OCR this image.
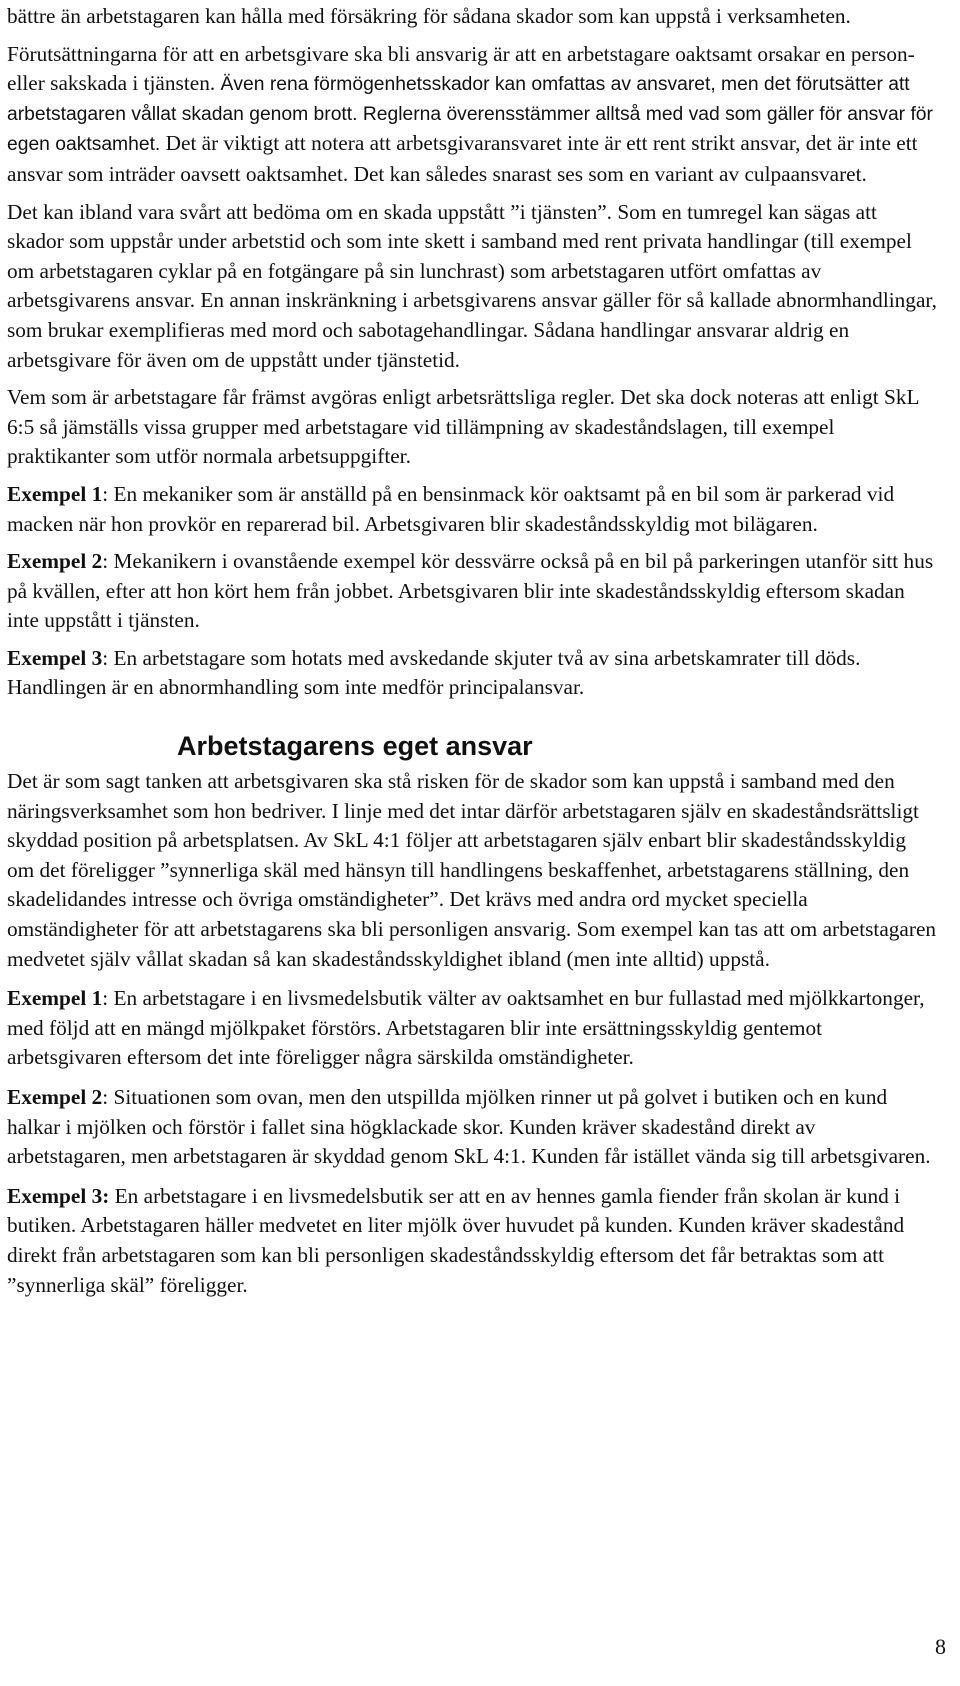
bättre än arbetstagaren kan hålla med försäkring för sådana skador som kan uppstå i verksamheten.

Förutsättningarna för att en arbetsgivare ska bli ansvarig är att en arbetstagare oaktsamt orsakar en person- eller sakskada i tjänsten. Även rena förmögenhetsskador kan omfattas av ansvaret, men det förutsätter att arbetstagaren vållat skadan genom brott. Reglerna överensstämmer alltså med vad som gäller för ansvar för egen oaktsamhet. Det är viktigt att notera att arbetsgivaransvaret inte är ett rent strikt ansvar, det är inte ett ansvar som inträder oavsett oaktsamhet. Det kan således snarast ses som en variant av culpaansvaret.

Det kan ibland vara svårt att bedöma om en skada uppstått ”i tjänsten”. Som en tumregel kan sägas att skador som uppstår under arbetstid och som inte skett i samband med rent privata handlingar (till exempel om arbetstagaren cyklar på en fotgängare på sin lunchrast) som arbetstagaren utfört omfattas av arbetsgivarens ansvar. En annan inskränkning i arbetsgivarens ansvar gäller för så kallade abnormhandlingar, som brukar exemplifieras med mord och sabotagehandlingar. Sådana handlingar ansvarar aldrig en arbetsgivare för även om de uppstått under tjänstetid.

Vem som är arbetstagare får främst avgöras enligt arbetsrättsliga regler. Det ska dock noteras att enligt SkL 6:5 så jämställs vissa grupper med arbetstagare vid tillämpning av skadeståndslagen, till exempel praktikanter som utför normala arbetsuppgifter.

Exempel 1: En mekaniker som är anställd på en bensinmack kör oaktsamt på en bil som är parkerad vid macken när hon provkör en reparerad bil. Arbetsgivaren blir skadeståndsskyldig mot bilägaren.

Exempel 2: Mekanikern i ovanstående exempel kör dessvärre också på en bil på parkeringen utanför sitt hus på kvällen, efter att hon kört hem från jobbet. Arbetsgivaren blir inte skadeståndsskyldig eftersom skadan inte uppstått i tjänsten.

Exempel 3: En arbetstagare som hotats med avskedande skjuter två av sina arbetskamrater till döds. Handlingen är en abnormhandling som inte medför principalansvar.

Arbetstagarens eget ansvar

Det är som sagt tanken att arbetsgivaren ska stå risken för de skador som kan uppstå i samband med den näringsverksamhet som hon bedriver. I linje med det intar därför arbetstagaren själv en skadeståndsrättsligt skyddad position på arbetsplatsen. Av SkL 4:1 följer att arbetstagaren själv enbart blir skadeståndsskyldig om det föreligger ”synnerliga skäl med hänsyn till handlingens beskaffenhet, arbetstagarens ställning, den skadelidandes intresse och övriga omständigheter”. Det krävs med andra ord mycket speciella omständigheter för att arbetstagarens ska bli personligen ansvarig. Som exempel kan tas att om arbetstagaren medvetet själv vållat skadan så kan skadeståndsskyldighet ibland (men inte alltid) uppstå.

Exempel 1: En arbetstagare i en livsmedelsbutik välter av oaktsamhet en bur fullastad med mjölkkartonger, med följd att en mängd mjölkpaket förstörs. Arbetstagaren blir inte ersättningsskyldig gentemot arbetsgivaren eftersom det inte föreligger några särskilda omständigheter.

Exempel 2: Situationen som ovan, men den utspillda mjölken rinner ut på golvet i butiken och en kund halkar i mjölken och förstör i fallet sina högklackade skor. Kunden kräver skadestånd direkt av arbetstagaren, men arbetstagaren är skyddad genom SkL 4:1. Kunden får istället vända sig till arbetsgivaren.

Exempel 3: En arbetstagare i en livsmedelsbutik ser att en av hennes gamla fiender från skolan är kund i butiken. Arbetstagaren häller medvetet en liter mjölk över huvudet på kunden. Kunden kräver skadestånd direkt från arbetstagaren som kan bli personligen skadeståndsskyldig eftersom det får betraktas som att ”synnerliga skäl” föreligger.

8
